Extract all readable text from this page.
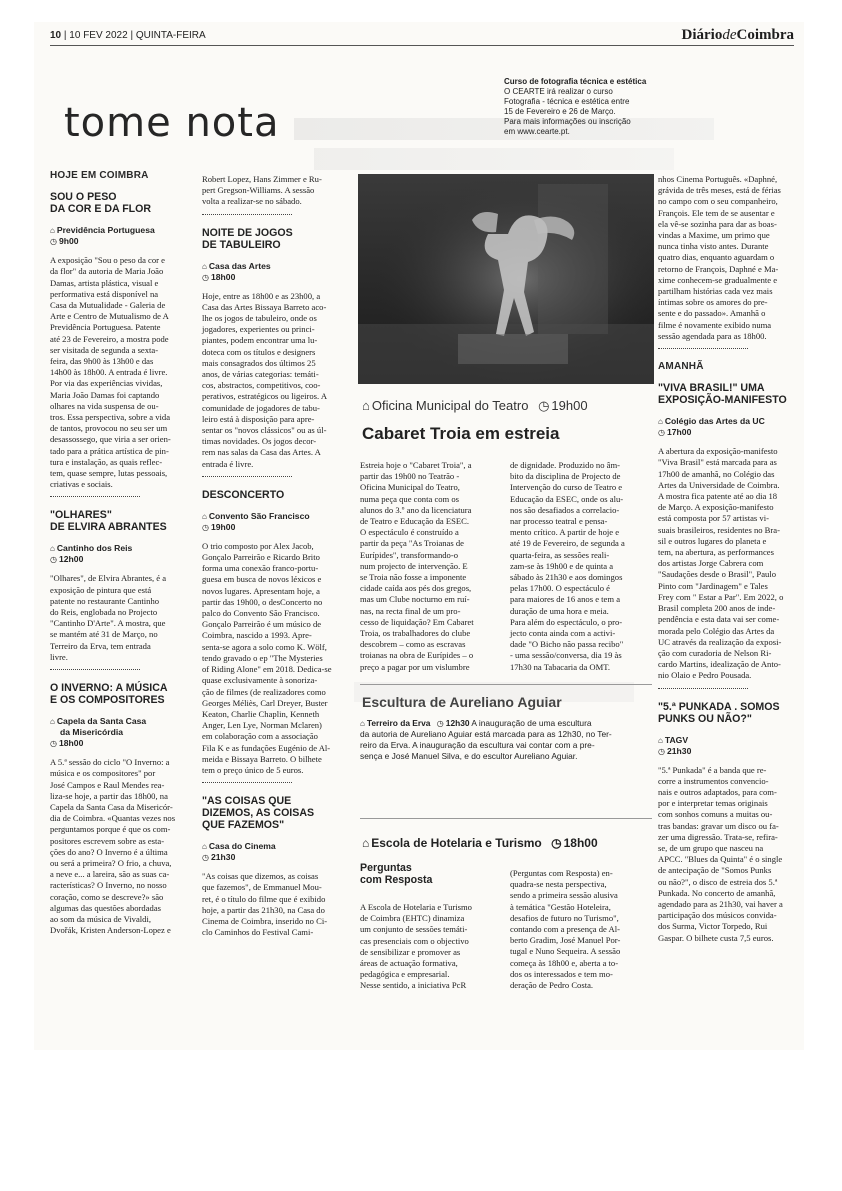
10 | 10 FEV 2022 | QUINTA-FEIRA	DiáriodeCoimbra
tome nota
Curso de fotografia técnica e estética
O CEARTE irá realizar o curso
Fotografia - técnica e estética entre
15 de Fevereiro e 26 de Março.
Para mais informações ou inscrição
em www.cearte.pt.
HOJE EM COIMBRA
SOU O PESO
DA COR E DA FLOR
⌂ Previdência Portuguesa
◷ 9h00
A exposição "Sou o peso da cor e
da flor" da autoria de Maria João
Damas, artista plástica, visual e
performativa está disponível na
Casa da Mutualidade - Galeria de
Arte e Centro de Mutualismo de A
Previdência Portuguesa. Patente
até 23 de Fevereiro, a mostra pode
ser visitada de segunda a sexta-
feira, das 9h00 às 13h00 e das
14h00 às 18h00. A entrada é livre.
Por via das experiências vividas,
Maria João Damas foi captando
olhares na vida suspensa de ou-
tros. Essa perspectiva, sobre a vida
de tantos, provocou no seu ser um
desassossego, que viria a ser orien-
tado para a prática artística de pin-
tura e instalação, as quais reflec-
tem, quase sempre, lutas pessoais,
criativas e sociais.
"OLHARES"
DE ELVIRA ABRANTES
⌂ Cantinho dos Reis
◷ 12h00
"Olhares", de Elvira Abrantes, é a
exposição de pintura que está
patente no restaurante Cantinho
do Reis, englobada no Projecto
"Cantinho D'Arte". A mostra, que
se mantém até 31 de Março, no
Terreiro da Erva, tem entrada
livre.
O INVERNO: A MÚSICA
E OS COMPOSITORES
⌂ Capela da Santa Casa
da Misericórdia
◷ 18h00
A 5.ª sessão do ciclo "O Inverno: a
música e os compositores" por
José Campos e Raul Mendes rea-
liza-se hoje, a partir das 18h00, na
Capela da Santa Casa da Misericór-
dia de Coimbra. «Quantas vezes nos
perguntamos porque é que os com-
positores escrevem sobre as esta-
ções do ano? O Inverno é a última
ou será a primeira? O frio, a chuva,
a neve e... a lareira, são as suas ca-
racterísticas? O Inverno, no nosso
coração, como se descreve?» são
algumas das questões abordadas
ao som da música de Vivaldi,
Dvořák, Kristen Anderson-Lopez e
Robert Lopez, Hans Zimmer e Ru-
pert Gregson-Williams. A sessão
volta a realizar-se no sábado.
NOITE DE JOGOS
DE TABULEIRO
⌂ Casa das Artes
◷ 18h00
Hoje, entre as 18h00 e as 23h00, a
Casa das Artes Bissaya Barreto aco-
lhe os jogos de tabuleiro, onde os
jogadores, experientes ou princi-
piantes, podem encontrar uma lu-
doteca com os títulos e designers
mais consagrados dos últimos 25
anos, de várias categorias: temáti-
cos, abstractos, competitivos, coo-
perativos, estratégicos ou ligeiros. A
comunidade de jogadores de tabu-
leiro está à disposição para apre-
sentar os "novos clássicos" ou as úl-
timas novidades. Os jogos decor-
rem nas salas da Casa das Artes. A
entrada é livre.
DESCONCERTO
⌂ Convento São Francisco
◷ 19h00
O trio composto por Alex Jacob,
Gonçalo Parreirão e Ricardo Brito
forma uma conexão franco-portu-
guesa em busca de novos léxicos e
novos lugares. Apresentam hoje, a
partir das 19h00, o desConcerto no
palco do Convento São Francisco.
Gonçalo Parreirão é um músico de
Coimbra, nascido a 1993. Apre-
senta-se agora a solo como K. Wölf,
tendo gravado o ep "The Mysteries
of Riding Alone" em 2018. Dedica-se
quase exclusivamente à sonoriza-
ção de filmes (de realizadores como
Georges Méliès, Carl Dreyer, Buster
Keaton, Charlie Chaplin, Kenneth
Anger, Len Lye, Norman Mclaren)
em colaboração com a associação
Fila K e as fundações Eugénio de Al-
meida e Bissaya Barreto. O bilhete
tem o preço único de 5 euros.
"AS COISAS QUE
DIZEMOS, AS COISAS
QUE FAZEMOS"
⌂ Casa do Cinema
◷ 21h30
"As coisas que dizemos, as coisas
que fazemos", de Emmanuel Mou-
ret, é o título do filme que é exibido
hoje, a partir das 21h30, na Casa do
Cinema de Coimbra, inserido no Ci-
clo Caminhos do Festival Cami-
⌂ Oficina Municipal do Teatro ◷ 19h00
Cabaret Troia em estreia
Estreia hoje o "Cabaret Troia", a
partir das 19h00 no Teatrão -
Oficina Municipal do Teatro,
numa peça que conta com os
alunos do 3.º ano da licenciatura
de Teatro e Educação da ESEC.
O espectáculo é construído a
partir da peça "As Troianas de
Eurípides", transformando-o
num projecto de intervenção. E
se Troia não fosse a imponente
cidade caída aos pés dos gregos,
mas um Clube nocturno em ruí-
nas, na recta final de um pro-
cesso de liquidação? Em Cabaret
Troia, os trabalhadores do clube
descobrem – como as escravas
troianas na obra de Eurípides – o
preço a pagar por um vislumbre
de dignidade. Produzido no âm-
bito da disciplina de Projecto de
Intervenção do curso de Teatro e
Educação da ESEC, onde os alu-
nos são desafiados a correlacio-
nar processo teatral e pensa-
mento crítico. A partir de hoje e
até 19 de Fevereiro, de segunda a
quarta-feira, as sessões reali-
zam-se às 19h00 e de quinta a
sábado às 21h30 e aos domingos
pelas 17h00. O espectáculo é
para maiores de 16 anos e tem a
duração de uma hora e meia.
Para além do espectáculo, o pro-
jecto conta ainda com a activi-
dade "O Bicho não passa recibo"
- uma sessão/conversa, dia 19 às
17h30 na Tabacaria da OMT.
Escultura de Aureliano Aguiar
⌂ Terreiro da Erva ◷ 12h30 A inauguração de uma escultura
da autoria de Aureliano Aguiar está marcada para as 12h30, no Ter-
reiro da Erva. A inauguração da escultura vai contar com a pre-
sença e José Manuel Silva, e do escultor Aureliano Aguiar.
⌂ Escola de Hotelaria e Turismo ◷ 18h00
Perguntas
com Resposta
A Escola de Hotelaria e Turismo
de Coimbra (EHTC) dinamiza
um conjunto de sessões temáti-
cas presenciais com o objectivo
de sensibilizar e promover as
áreas de actuação formativa,
pedagógica e empresarial.
Nesse sentido, a iniciativa PcR
(Perguntas com Resposta) en-
quadra-se nesta perspectiva,
sendo a primeira sessão alusiva
à temática "Gestão Hoteleira,
desafios de futuro no Turismo",
contando com a presença de Al-
berto Gradim, José Manuel Por-
tugal e Nuno Sequeira. A sessão
começa às 18h00 e, aberta a to-
dos os interessados e tem mo-
deração de Pedro Costa.
nhos Cinema Português. «Daphné,
grávida de três meses, está de férias
no campo com o seu companheiro,
François. Ele tem de se ausentar e
ela vê-se sozinha para dar as boas-
vindas a Maxime, um primo que
nunca tinha visto antes. Durante
quatro dias, enquanto aguardam o
retorno de François, Daphné e Ma-
xime conhecem-se gradualmente e
partilham histórias cada vez mais
íntimas sobre os amores do pre-
sente e do passado». Amanhã o
filme é novamente exibido numa
sessão agendada para as 18h00.
AMANHÃ
"VIVA BRASIL!" UMA
EXPOSIÇÃO-MANIFESTO
⌂ Colégio das Artes da UC
◷ 17h00
A abertura da exposição-manifesto
"Viva Brasil" está marcada para as
17h00 de amanhã, no Colégio das
Artes da Universidade de Coimbra.
A mostra fica patente até ao dia 18
de Março. A exposição-manifesto
está composta por 57 artistas vi-
suais brasileiros, residentes no Bra-
sil e outros lugares do planeta e
tem, na abertura, as performances
dos artistas Jorge Cabrera com
"Saudações desde o Brasil", Paulo
Pinto com "Jardinagem" e Tales
Frey com " Estar a Par". Em 2022, o
Brasil completa 200 anos de inde-
pendência e esta data vai ser come-
morada pelo Colégio das Artes da
UC através da realização da exposi-
ção com curadoria de Nelson Ri-
cardo Martins, idealização de Anto-
nio Olaio e Pedro Pousada.
"5.ª PUNKADA . SOMOS
PUNKS OU NÃO?"
⌂ TAGV
◷ 21h30
"5.ª Punkada" é a banda que re-
corre a instrumentos convencio-
nais e outros adaptados, para com-
por e interpretar temas originais
com sonhos comuns a muitas ou-
tras bandas: gravar um disco ou fa-
zer uma digressão. Trata-se, refira-
se, de um grupo que nasceu na
APCC. "Blues da Quinta" é o single
de antecipação de "Somos Punks
ou não?", o disco de estreia dos 5.ª
Punkada. No concerto de amanhã,
agendado para as 21h30, vai haver a
participação dos músicos convida-
dos Surma, Victor Torpedo, Rui
Gaspar. O bilhete custa 7,5 euros.
